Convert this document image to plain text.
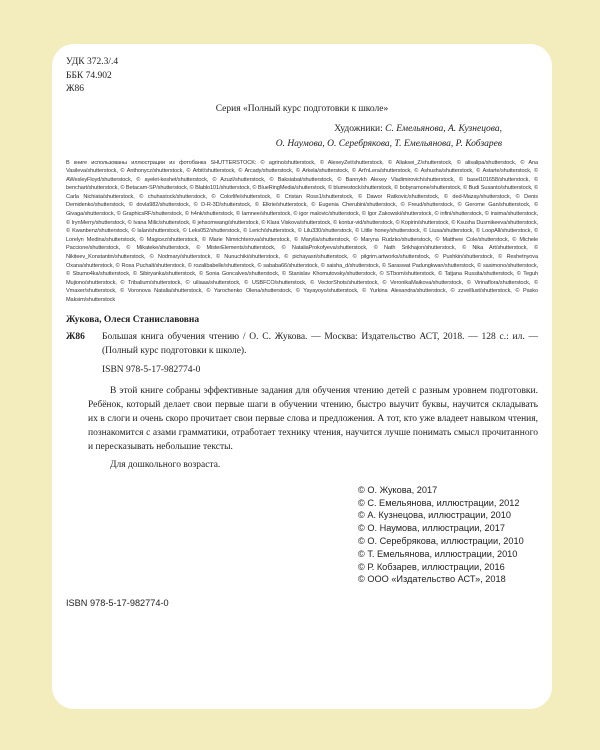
УДК 372.3/.4
ББК 74.902
Ж86
Серия «Полный курс подготовки к школе»
Художники: С. Емельянова, А. Кузнецова,
О. Наумова, О. Серебрякова, Т. Емельянова, Р. Кобзарев
В книге использованы иллюстрации из фотобанка SHUTTERSTOCK: © agrino/shutterstock, © AlexeyZet/shutterstock, © Aliaksei_Z/shutterstock, © alisalipa/shutterstock, © Ana Vasileva/shutterstock, © Anthonycz/shutterstock, © Arbit/shutterstock, © Arcady/shutterstock, © Arkela/shutterstock, © Art'nLera/shutterstock, © Ashusha/shutterstock, © Astarte/shutterstock, © AWesleyFloyd/shutterstock, © ayelet-keshet/shutterstock, © Azuzl/shutterstock, © Baksiabat/shutterstock, © Bannykh Alexey Vladimirovich/shutterstock, © basel101658/shutterstock, © benchart/shutterstock, © Betacam-SP/shutterstock, © Blablo101/shutterstock, © BlueRingMedia/shutterstock, © blumestock/shutterstock, © bobyramone/shutterstock, © Budi Susanto/shutterstock, © Carla Nichiata/shutterstock, © chuhastock/shutterstock, © Colorlife/shutterstock, © Cristan Ross1/shutterstock, © Dawor Ratkovic/shutterstock, © ded-Mazay/shutterstock, © Denis Demidenko/shutterstock, © dovla982/shutterstock, © D-R-3D/shutterstock, © Elkrie/shutterstock, © Eugenia Cherubini/shutterstock, © Freud/shutterstock, © Gerome Gan/shutterstock, © Givaga/shutterstock, © GraphicsRF/shutterstock, © h4nk/shutterstock, © Iamnee/shutterstock, © igor malovic/shutterstock, © Igor Zakowski/shutterstock, © infini/shutterstock, © insima/shutterstock, © IrynMerry/shutterstock, © Ivana Milic/shutterstock, © jehsomwang/shutterstock, © Klara Viskova/shutterstock, © kontur-vid/shutterstock, © Kopirin/shutterstock, © Ksusha Dusmikeeva/shutterstock, © Kwanbenz/shutterstock, © lalan/shutterstock, © Leks052/shutterstock, © Lerich/shutterstock, © Lilu330/shutterstock, © Little honey/shutterstock, © Liusa/shutterstock, © LoopAll/shutterstock, © Lorelyn Medina/shutterstock, © Magicez/shutterstock, © Marie Nimrichterova/shutterstock, © Marylia/shutterstock, © Maryna Rudzko/shutterstock, © Matthew Cole/shutterstock, © Michele Paccione/shutterstock, © Mikateke/shutterstock, © MisterElements/shutterstock, © NataliaProkofyeva/shutterstock, © Nath Srikhajon/shutterstock, © Nika Art/shutterstock, © Nikiteev_Konstantin/shutterstock, © Nodmary/shutterstock, © Nunuchiki/shutterstock, © pichayasri/shutterstock, © pilgrim.artworks/shutterstock, © Pushkin/shutterstock, © Reshetnyova Oxana/shutterstock, © Rosa Puchalt/shutterstock, © rozalibabelle/shutterstock, © sababa66/shutterstock, © saisha_d/shutterstock, © Saraswat Padungkwan/shutterstock, © sasimono/shutterstock, © Sbumo4ka/shutterstock, © Sibiryanka/shutterstock, © Sonia Goncalves/shutterstock, © Stanislav Khomutovsky/shutterstock, © STbom/shutterstock, © Tatjana Russita/shutterstock, © Teguh Mujiono/shutterstock, © Tribalium/shutterstock, © uiliaaa/shutterstock, © USBFCO/shutterstock, © VectorShots/shutterstock, © VeronikaMaikova/shutterstock, © Virinaflora/shutterstock, © Vmaxer/shutterstock, © Voronova Natalia/shutterstock, © Yarochenko Olena/shutterstock, © Yayayoyo/shutterstock, © Yurkina Alexandra/shutterstock, © zzvelllust/shutterstock, © Pasko Maksim/shutterstock
Жукова, Олеся Станиславовна
Ж86	Большая книга обучения чтению / О. С. Жукова. — Москва: Издательство АСТ, 2018. — 128 с.: ил. — (Полный курс подготовки к школе).
ISBN 978-5-17-982774-0

В этой книге собраны эффективные задания для обучения чтению детей с разным уровнем подготовки. Ребёнок, который делает свои первые шаги в обучении чтению, быстро выучит буквы, научится складывать их в слоги и очень скоро прочитает свои первые слова и предложения. А тот, кто уже владеет навыком чтения, познакомится с азами грамматики, отработает технику чтения, научится лучше понимать смысл прочитанного и пересказывать небольшие тексты.

Для дошкольного возраста.

© О. Жукова, 2017
© С. Емельянова, иллюстрации, 2012
© А. Кузнецова, иллюстрации, 2010
© О. Наумова, иллюстрации, 2017
© О. Серебрякова, иллюстрации, 2010
© Т. Емельянова, иллюстрации, 2010
© Р. Кобзарев, иллюстрации, 2016
© ООО «Издательство АСТ», 2018
ISBN 978-5-17-982774-0
